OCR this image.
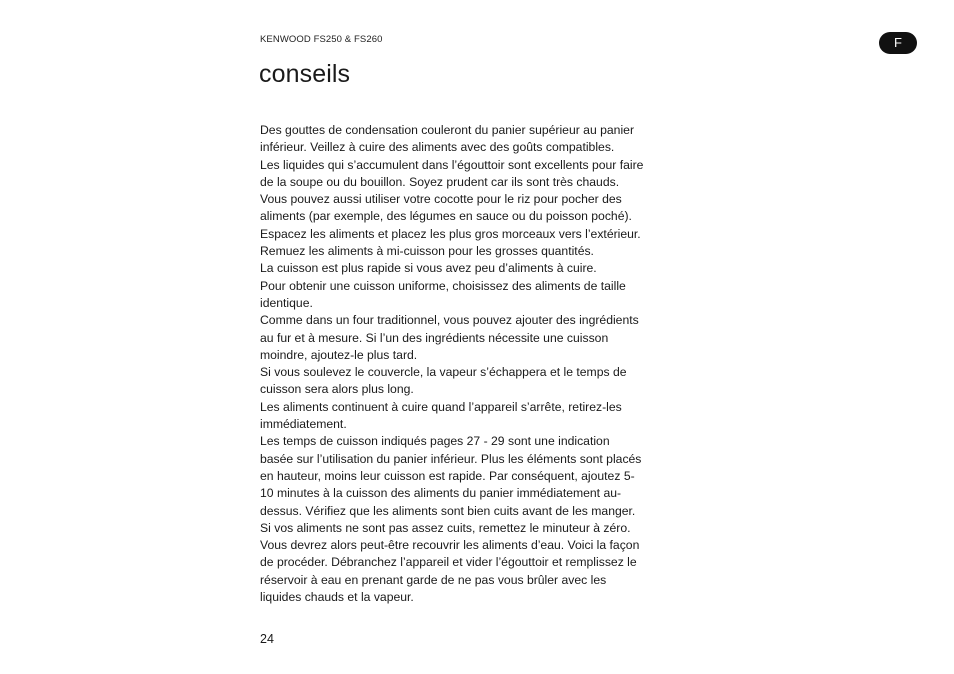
KENWOOD FS250 & FS260	F
conseils
Des gouttes de condensation couleront du panier supérieur au panier
inférieur. Veillez à cuire des aliments avec des goûts compatibles.
Les liquides qui s’accumulent dans l’égouttoir sont excellents pour faire
de la soupe ou du bouillon. Soyez prudent car ils sont très chauds.
Vous pouvez aussi utiliser votre cocotte pour le riz pour pocher des
aliments (par exemple, des légumes en sauce ou du poisson poché).
Espacez les aliments et placez les plus gros morceaux vers l’extérieur.
Remuez les aliments à mi-cuisson pour les grosses quantités.
La cuisson est plus rapide si vous avez peu d’aliments à cuire.
Pour obtenir une cuisson uniforme, choisissez des aliments de taille
identique.
Comme dans un four traditionnel, vous pouvez ajouter des ingrédients
au fur et à mesure. Si l’un des ingrédients nécessite une cuisson
moindre, ajoutez-le plus tard.
Si vous soulevez le couvercle, la vapeur s’échappera et le temps de
cuisson sera alors plus long.
Les aliments continuent à cuire quand l’appareil s’arrête, retirez-les
immédiatement.
Les temps de cuisson indiqués pages 27 - 29 sont une indication
basée sur l’utilisation du panier inférieur. Plus les éléments sont placés
en hauteur, moins leur cuisson est rapide. Par conséquent, ajoutez 5-
10 minutes à la cuisson des aliments du panier immédiatement au-
dessus. Vérifiez que les aliments sont bien cuits avant de les manger.
Si vos aliments ne sont pas assez cuits, remettez le minuteur à zéro.
Vous devrez alors peut-être recouvrir les aliments d’eau. Voici la façon
de procéder. Débranchez l’appareil et vider l’égouttoir et remplissez le
réservoir à eau en prenant garde de ne pas vous brûler avec les
liquides chauds et la vapeur.
24
